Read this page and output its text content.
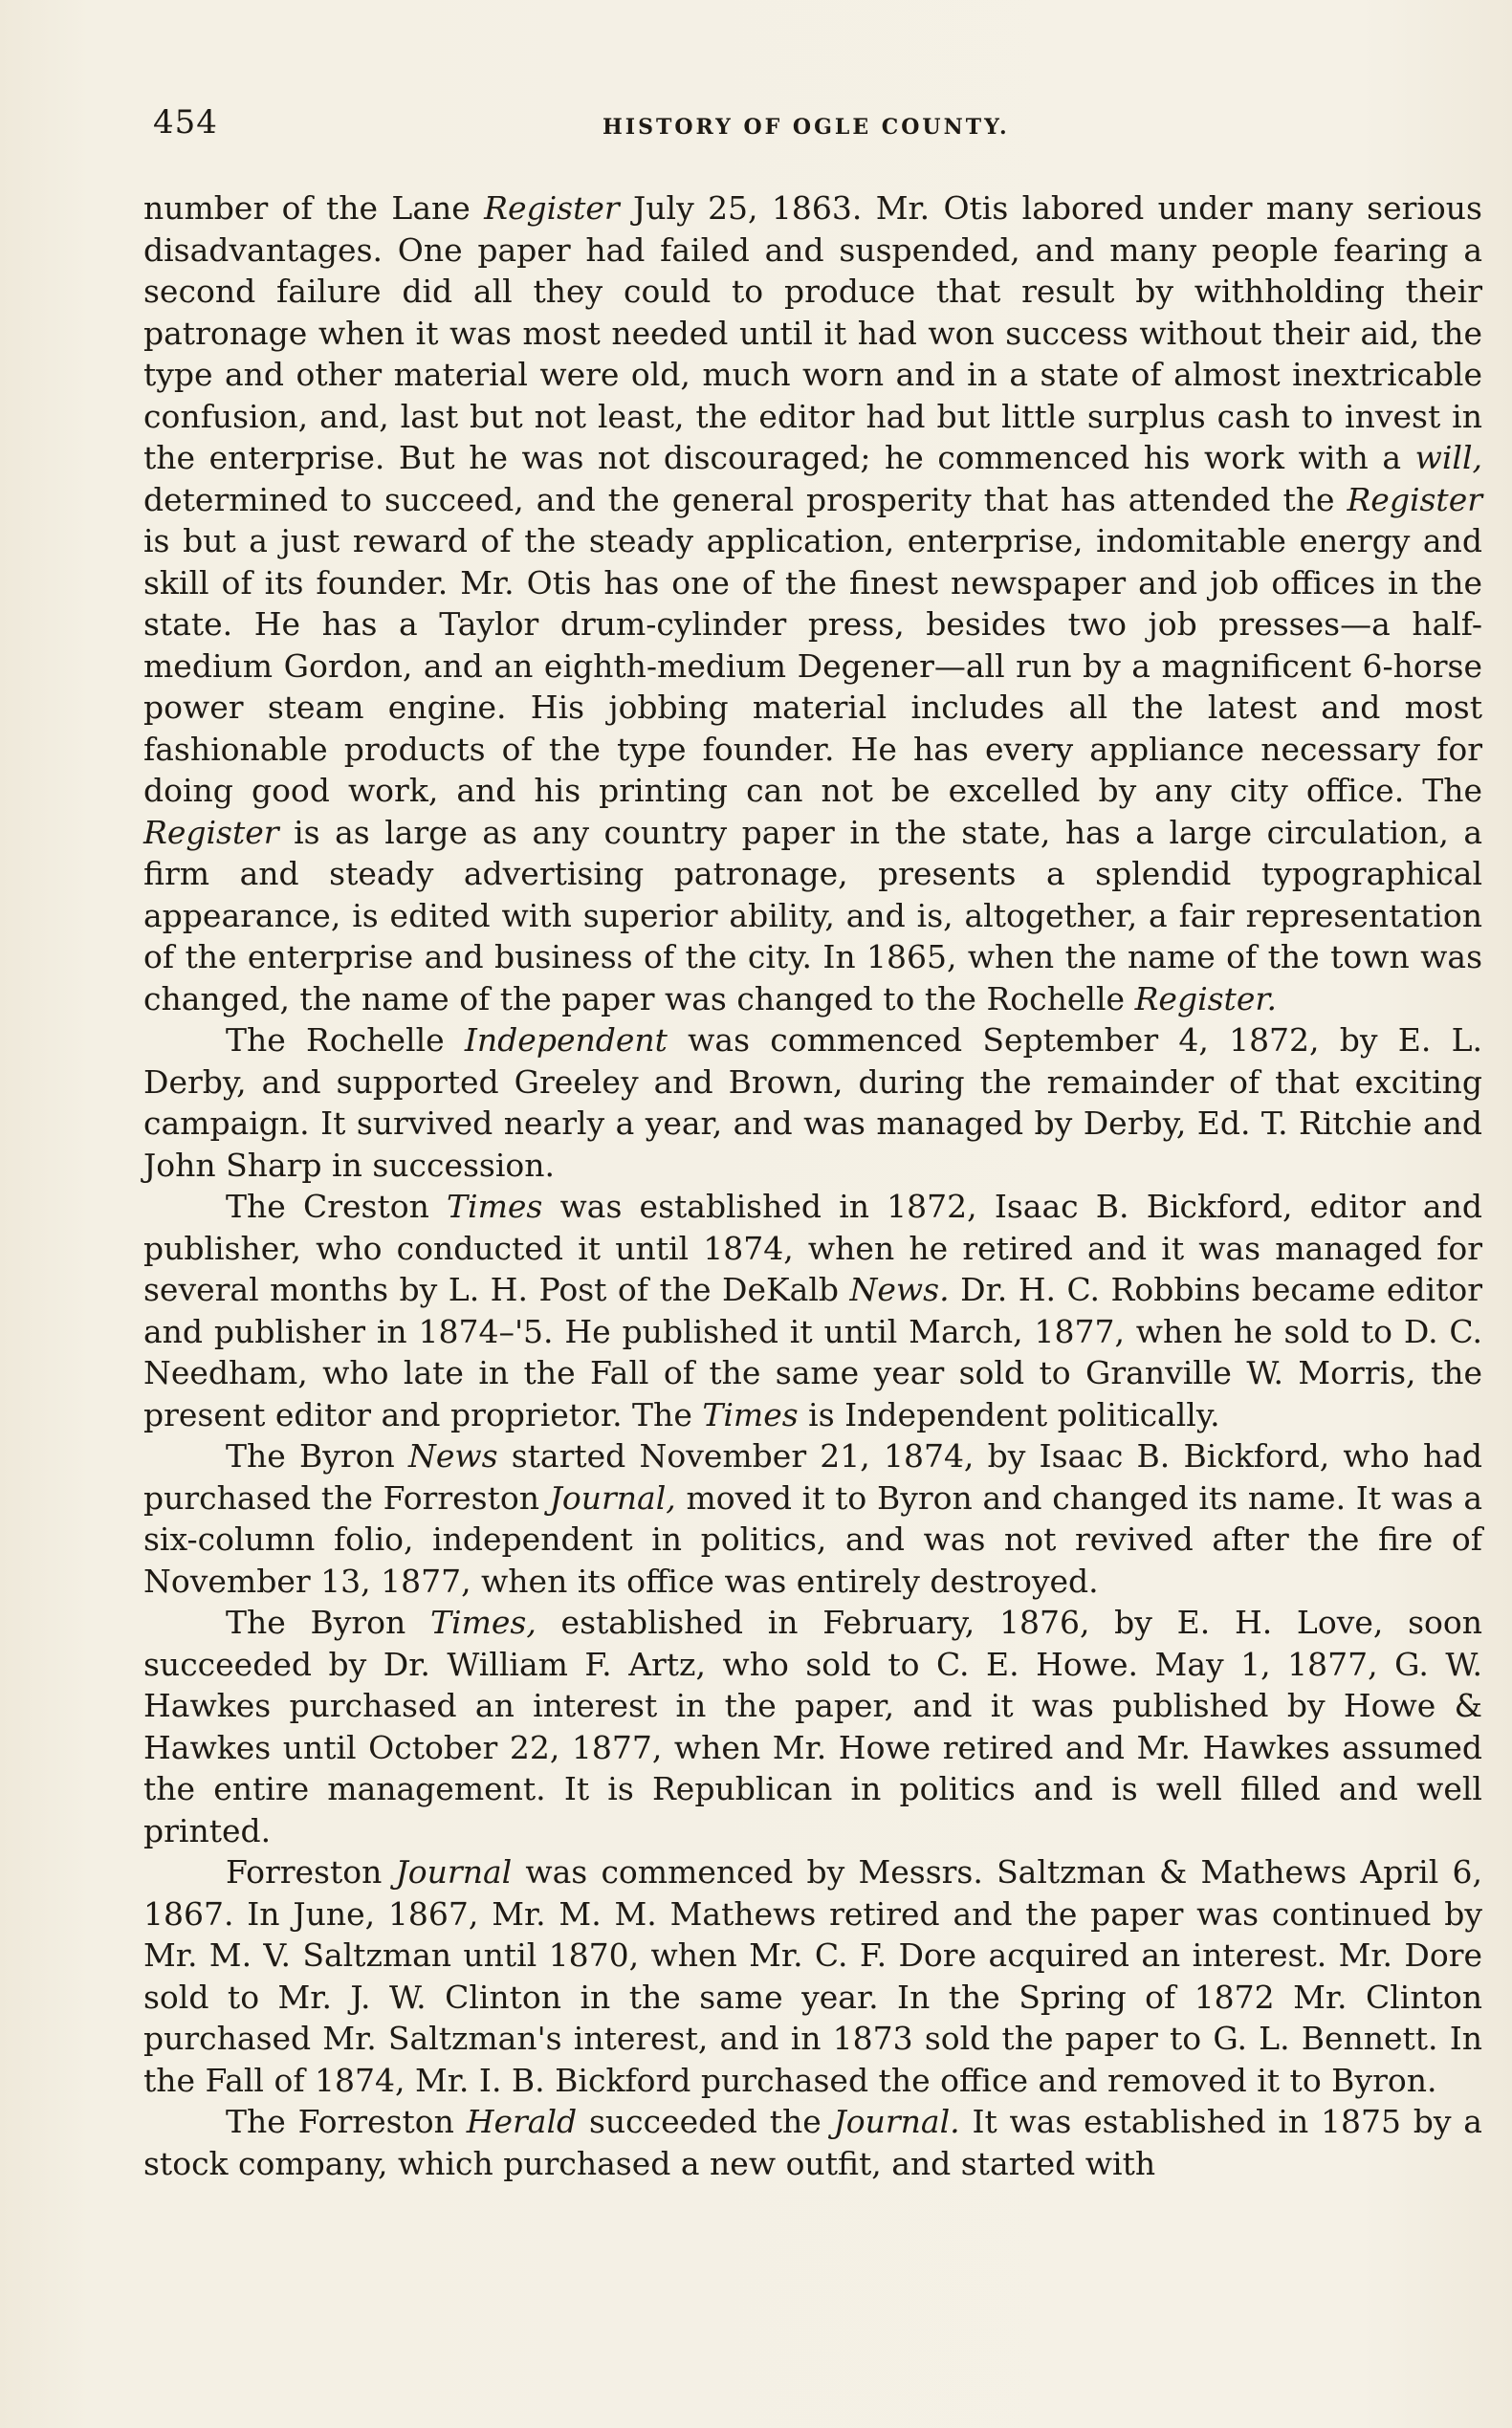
454	HISTORY OF OGLE COUNTY.

number of the Lane Register July 25, 1863. Mr. Otis labored under many serious disadvantages. One paper had failed and suspended, and many people fearing a second failure did all they could to produce that result by withholding their patronage when it was most needed until it had won success without their aid, the type and other material were old, much worn and in a state of almost inextricable confusion, and, last but not least, the editor had but little surplus cash to invest in the enterprise. But he was not discouraged; he commenced his work with a will, determined to succeed, and the general prosperity that has attended the Register is but a just reward of the steady application, enterprise, indomitable energy and skill of its founder. Mr. Otis has one of the finest newspaper and job offices in the state. He has a Taylor drum-cylinder press, besides two job presses—a half-medium Gordon, and an eighth-medium Degener—all run by a magnificent 6-horse power steam engine. His jobbing material includes all the latest and most fashionable products of the type founder. He has every appliance necessary for doing good work, and his printing can not be excelled by any city office. The Register is as large as any country paper in the state, has a large circulation, a firm and steady advertising patronage, presents a splendid typographical appearance, is edited with superior ability, and is, altogether, a fair representation of the enterprise and business of the city. In 1865, when the name of the town was changed, the name of the paper was changed to the Rochelle Register.

The Rochelle Independent was commenced September 4, 1872, by E. L. Derby, and supported Greeley and Brown, during the remainder of that exciting campaign. It survived nearly a year, and was managed by Derby, Ed. T. Ritchie and John Sharp in succession.

The Creston Times was established in 1872, Isaac B. Bickford, editor and publisher, who conducted it until 1874, when he retired and it was managed for several months by L. H. Post of the DeKalb News. Dr. H. C. Robbins became editor and publisher in 1874–'5. He published it until March, 1877, when he sold to D. C. Needham, who late in the Fall of the same year sold to Granville W. Morris, the present editor and proprietor. The Times is Independent politically.

The Byron News started November 21, 1874, by Isaac B. Bickford, who had purchased the Forreston Journal, moved it to Byron and changed its name. It was a six-column folio, independent in politics, and was not revived after the fire of November 13, 1877, when its office was entirely destroyed.

The Byron Times, established in February, 1876, by E. H. Love, soon succeeded by Dr. William F. Artz, who sold to C. E. Howe. May 1, 1877, G. W. Hawkes purchased an interest in the paper, and it was published by Howe & Hawkes until October 22, 1877, when Mr. Howe retired and Mr. Hawkes assumed the entire management. It is Republican in politics and is well filled and well printed.

Forreston Journal was commenced by Messrs. Saltzman & Mathews April 6, 1867. In June, 1867, Mr. M. M. Mathews retired and the paper was continued by Mr. M. V. Saltzman until 1870, when Mr. C. F. Dore acquired an interest. Mr. Dore sold to Mr. J. W. Clinton in the same year. In the Spring of 1872 Mr. Clinton purchased Mr. Saltzman's interest, and in 1873 sold the paper to G. L. Bennett. In the Fall of 1874, Mr. I. B. Bickford purchased the office and removed it to Byron.

The Forreston Herald succeeded the Journal. It was established in 1875 by a stock company, which purchased a new outfit, and started with
